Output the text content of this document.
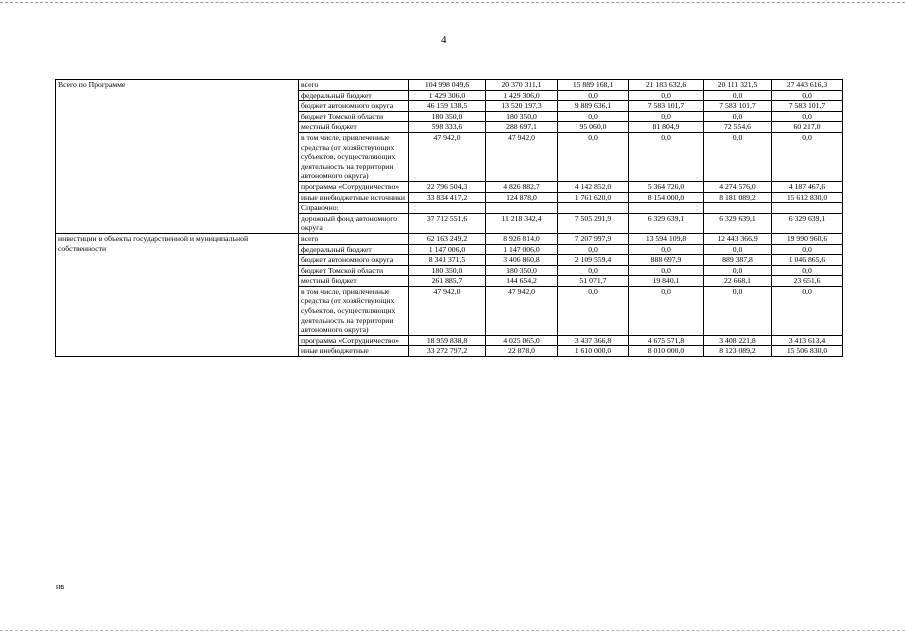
4
Всего по Программе	всего	104 998 049,6	20 370 311,1	15 889 168,1	21 183 632,6	20 111 321,5	27 443 616,3
	федеральный бюджет	1 429 306,0	1 429 306,0	0,0	0,0	0,0	0,0
	бюджет автономного округа	46 159 138,5	13 520 197,3	9 889 636,1	7 583 101,7	7 583 101,7	7 583 101,7
	бюджет Томской области	180 350,0	180 350,0	0,0	0,0	0,0	0,0
	местный бюджет	598 333,6	288 697,1	95 060,0	81 804,9	72 554,6	60 217,0
	в том числе, привлеченные средства (от хозяйствующих субъектов, осуществляющих деятельность на территории автономного округа)	47 942,0	47 942,0	0,0	0,0	0,0	0,0
	программа «Сотрудничество»	22 796 504,3	4 826 882,7	4 142 852,0	5 364 726,0	4 274 576,0	4 187 467,6
	иные внебюджетные источники	33 834 417,2	124 878,0	1 761 620,0	8 154 000,0	8 181 089,2	15 612 830,0
	Справочно:						
	дорожный фонд автономного округа	37 712 551,6	11 218 342,4	7 505 291,9	6 329 639,1	6 329 639,1	6 329 639,1
инвестиции в объекты государственной и муниципальной собственности	всего	62 163 249,2	8 926 814,0	7 207 997,9	13 594 109,8	12 443 366,9	19 990 960,6
	федеральный бюджет	1 147 006,0	1 147 006,0	0,0	0,0	0,0	0,0
	бюджет автономного округа	8 341 371,5	3 406 860,8	2 109 559,4	888 697,9	889 387,8	1 046 865,6
	бюджет Томской области	180 350,0	180 350,0	0,0	0,0	0,0	0,0
	местный бюджет	261 885,7	144 654,2	51 071,7	19 840,1	22 668,1	23 651,6
	в том числе, привлеченные средства (от хозяйствующих субъектов, осуществляющих деятельность на территории автономного округа)	47 942,0	47 942,0	0,0	0,0	0,0	0,0
	программа «Сотрудничество»	18 959 838,8	4 025 065,0	3 437 366,8	4 675 571,8	3 408 221,8	3 413 613,4
	иные внебюджетные	33 272 797,2	22 878,0	1 610 000,0	8 010 000,0	8 123 089,2	15 506 830,0
нв
